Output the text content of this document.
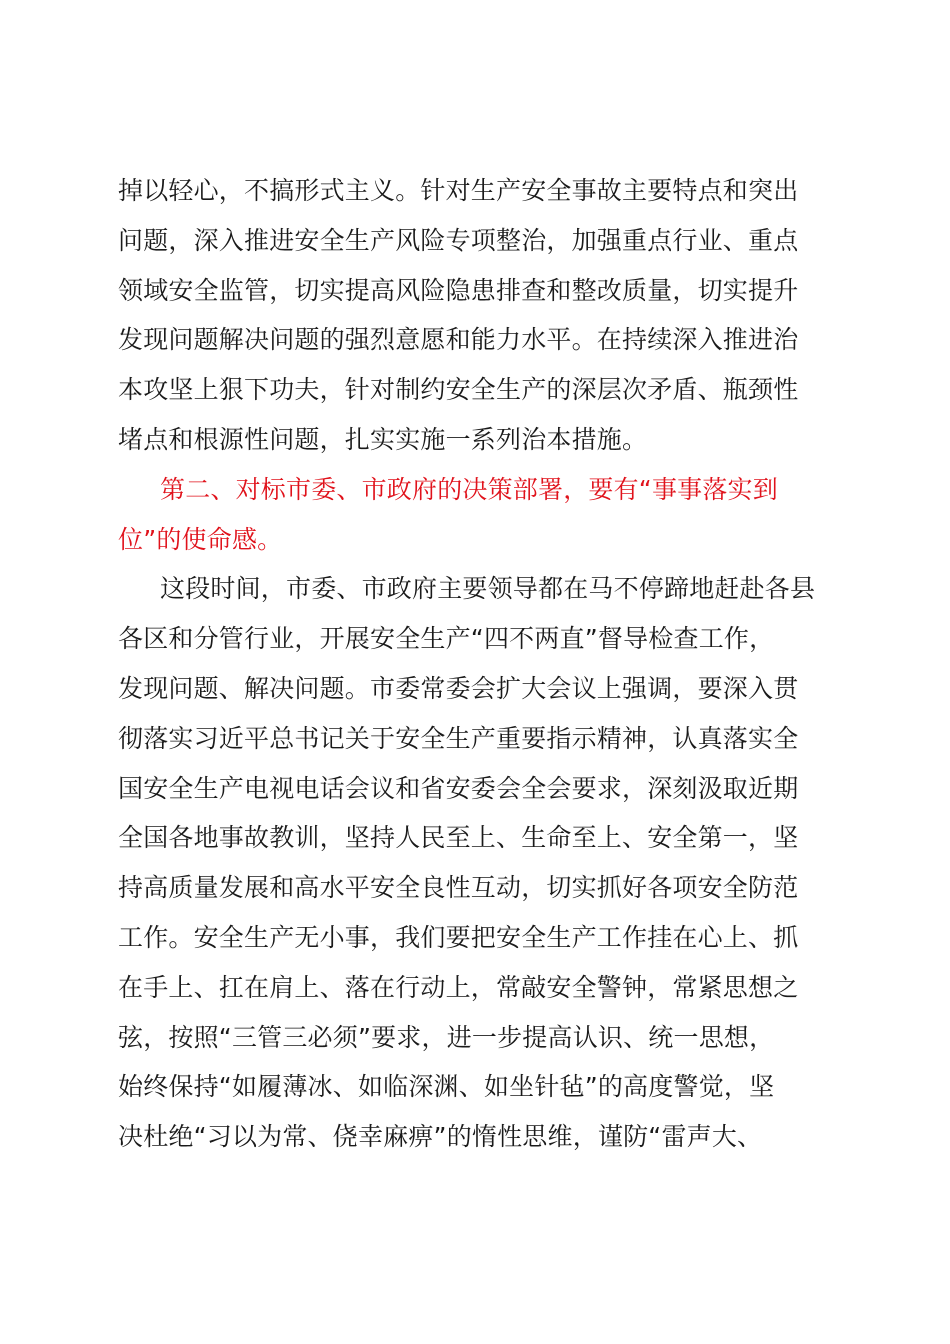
掉以轻心，不搞形式主义。针对生产安全事故主要特点和突出
问题，深入推进安全生产风险专项整治，加强重点行业、重点
领域安全监管，切实提高风险隐患排查和整改质量，切实提升
发现问题解决问题的强烈意愿和能力水平。在持续深入推进治
本攻坚上狠下功夫，针对制约安全生产的深层次矛盾、瓶颈性
堵点和根源性问题，扎实实施一系列治本措施。
第二、对标市委、市政府的决策部署，要有“事事落实到
位”的使命感。
这段时间，市委、市政府主要领导都在马不停蹄地赶赴各县
各区和分管行业，开展安全生产“四不两直”督导检查工作，
发现问题、解决问题。市委常委会扩大会议上强调，要深入贯
彻落实习近平总书记关于安全生产重要指示精神，认真落实全
国安全生产电视电话会议和省安委会全会要求，深刻汲取近期
全国各地事故教训，坚持人民至上、生命至上、安全第一，坚
持高质量发展和高水平安全良性互动，切实抓好各项安全防范
工作。安全生产无小事，我们要把安全生产工作挂在心上、抓
在手上、扛在肩上、落在行动上，常敲安全警钟，常紧思想之
弦，按照“三管三必须”要求，进一步提高认识、统一思想，
始终保持“如履薄冰、如临深渊、如坐针毡”的高度警觉，坚
决杜绝“习以为常、侥幸麻痹”的惰性思维，谨防“雷声大、
